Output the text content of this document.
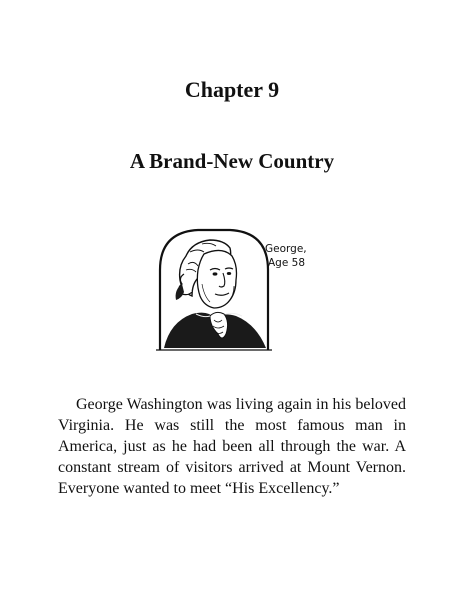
Chapter 9
A Brand-New Country
George,
Age 58

George Washington was living again in his beloved Virginia. He was still the most famous man in America, just as he had been all through the war. A constant stream of visitors arrived at Mount Vernon. Everyone wanted to meet “His Excellency.”
